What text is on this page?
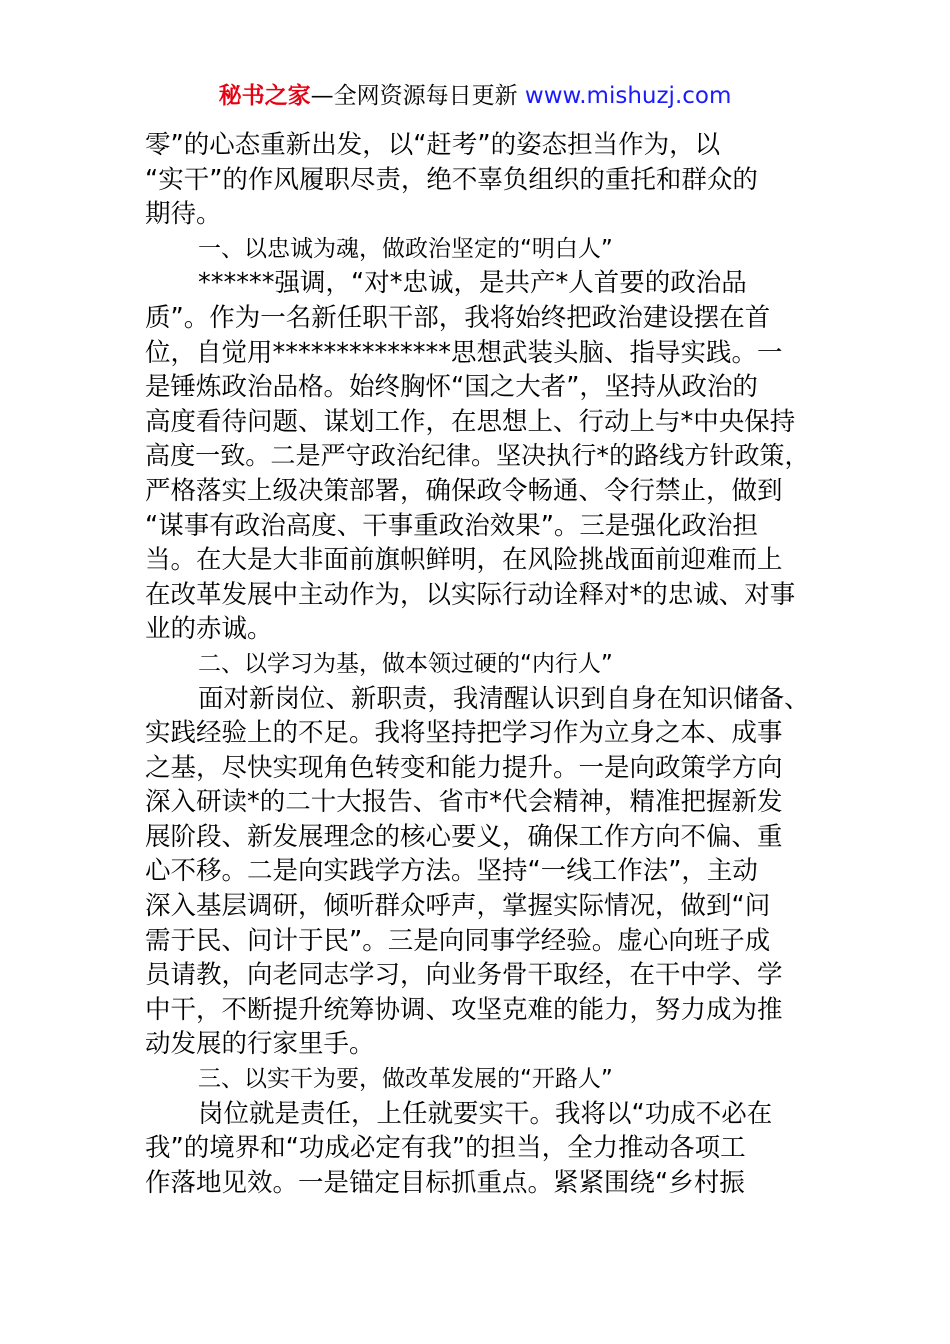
秘书之家—全网资源每日更新 www.mishuzj.com
零”的心态重新出发，以“赶考”的姿态担当作为，以
“实干”的作风履职尽责，绝不辜负组织的重托和群众的
期待。
一、以忠诚为魂，做政治坚定的“明白人”
******强调，“对*忠诚，是共产*人首要的政治品
质”。作为一名新任职干部，我将始终把政治建设摆在首
位，自觉用**************思想武装头脑、指导实践。一
是锤炼政治品格。始终胸怀“国之大者”，坚持从政治的
高度看待问题、谋划工作，在思想上、行动上与*中央保持
高度一致。二是严守政治纪律。坚决执行*的路线方针政策，
严格落实上级决策部署，确保政令畅通、令行禁止，做到
“谋事有政治高度、干事重政治效果”。三是强化政治担
当。在大是大非面前旗帜鲜明，在风险挑战面前迎难而上
在改革发展中主动作为，以实际行动诠释对*的忠诚、对事
业的赤诚。
二、以学习为基，做本领过硬的“内行人”
面对新岗位、新职责，我清醒认识到自身在知识储备、
实践经验上的不足。我将坚持把学习作为立身之本、成事
之基，尽快实现角色转变和能力提升。一是向政策学方向
深入研读*的二十大报告、省市*代会精神，精准把握新发
展阶段、新发展理念的核心要义，确保工作方向不偏、重
心不移。二是向实践学方法。坚持“一线工作法”，主动
深入基层调研，倾听群众呼声，掌握实际情况，做到“问
需于民、问计于民”。三是向同事学经验。虚心向班子成
员请教，向老同志学习，向业务骨干取经，在干中学、学
中干，不断提升统筹协调、攻坚克难的能力，努力成为推
动发展的行家里手。
三、以实干为要，做改革发展的“开路人”
岗位就是责任，上任就要实干。我将以“功成不必在
我”的境界和“功成必定有我”的担当，全力推动各项工
作落地见效。一是锚定目标抓重点。紧紧围绕“乡村振
